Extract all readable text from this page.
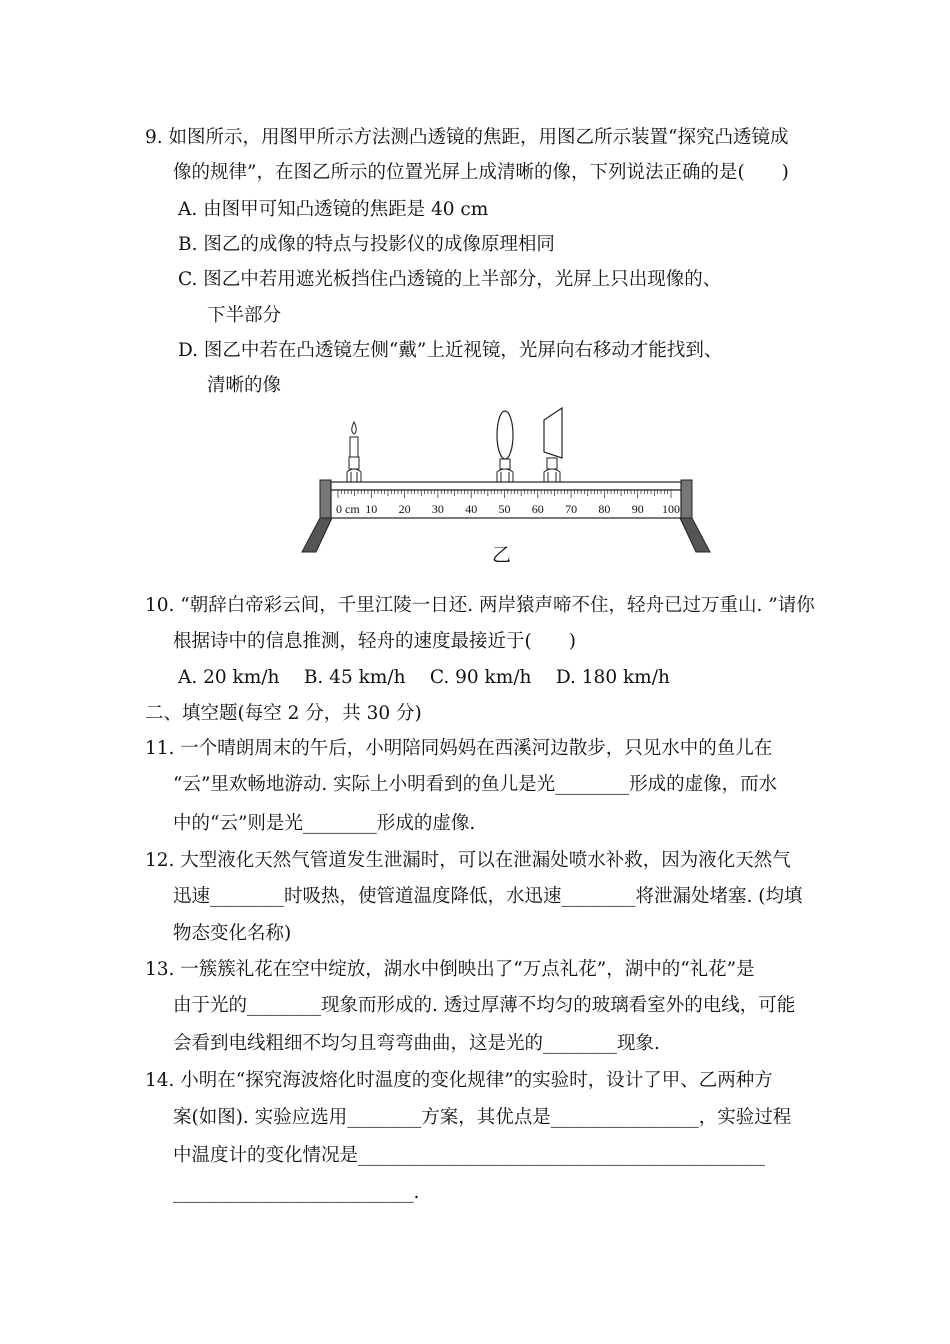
9. 如图所示，用图甲所示方法测凸透镜的焦距，用图乙所示装置“探究凸透镜成
像的规律”，在图乙所示的位置光屏上成清晰的像，下列说法正确的是(　　)
A. 由图甲可知凸透镜的焦距是 40 cm
B. 图乙的成像的特点与投影仪的成像原理相同
C. 图乙中若用遮光板挡住凸透镜的上半部分，光屏上只出现像的、
下半部分
D. 图乙中若在凸透镜左侧“戴”上近视镜，光屏向右移动才能找到、
清晰的像
0 cm 10 20 30 40 50 60 70 80 90 100
乙
10. “朝辞白帝彩云间，千里江陵一日还. 两岸猿声啼不住，轻舟已过万重山. ”请你
根据诗中的信息推测，轻舟的速度最接近于(　　)
A. 20 km/h　 B. 45 km/h　 C. 90 km/h　 D. 180 km/h
二、填空题(每空 2 分，共 30 分)
11. 一个晴朗周末的午后，小明陪同妈妈在西溪河边散步，只见水中的鱼儿在
“云”里欢畅地游动. 实际上小明看到的鱼儿是光________形成的虚像，而水
中的“云”则是光________形成的虚像.
12. 大型液化天然气管道发生泄漏时，可以在泄漏处喷水补救，因为液化天然气
迅速________时吸热，使管道温度降低，水迅速________将泄漏处堵塞. (均填
物态变化名称)
13. 一簇簇礼花在空中绽放，湖水中倒映出了“万点礼花”，湖中的“礼花”是
由于光的________现象而形成的. 透过厚薄不均匀的玻璃看室外的电线，可能
会看到电线粗细不均匀且弯弯曲曲，这是光的________现象.
14. 小明在“探究海波熔化时温度的变化规律”的实验时，设计了甲、乙两种方
案(如图). 实验应选用________方案，其优点是________________，实验过程
中温度计的变化情况是____________________________________________
__________________________.
